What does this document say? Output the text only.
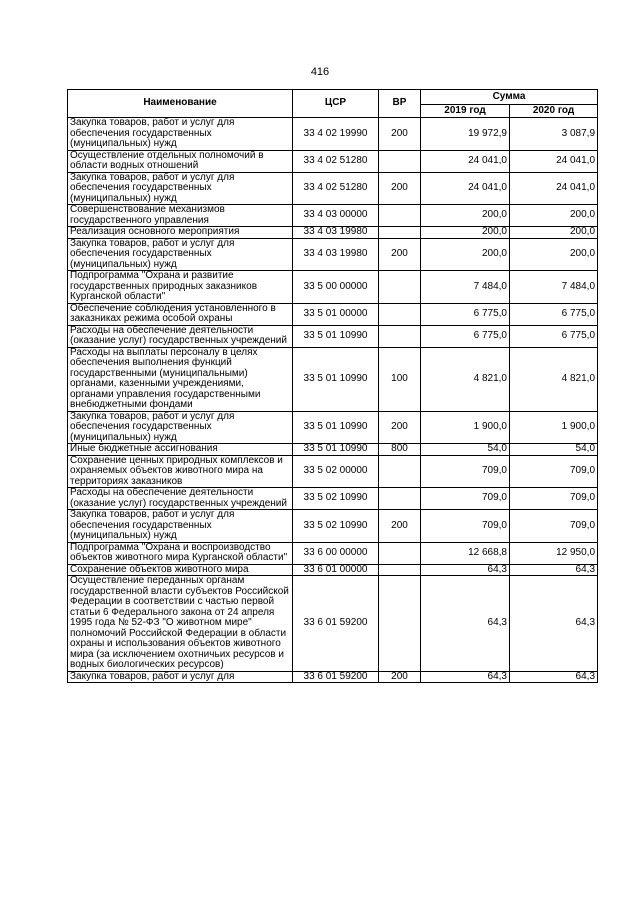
416
Наименование	ЦСР	ВР	Сумма	
			2019 год	2020 год
Закупка товаров, работ и услуг для обеспечения государственных (муниципальных) нужд	33 4 02 19990	200	19 972,9	3 087,9
Осуществление отдельных полномочий в области водных отношений	33 4 02 51280		24 041,0	24 041,0
Закупка товаров, работ и услуг для обеспечения государственных (муниципальных) нужд	33 4 02 51280	200	24 041,0	24 041,0
Совершенствование механизмов государственного управления	33 4 03 00000		200,0	200,0
Реализация основного мероприятия	33 4 03 19980		200,0	200,0
Закупка товаров, работ и услуг для обеспечения государственных (муниципальных) нужд	33 4 03 19980	200	200,0	200,0
Подпрограмма "Охрана и развитие государственных природных заказников Курганской области"	33 5 00 00000		7 484,0	7 484,0
Обеспечение соблюдения установленного в заказниках режима особой охраны	33 5 01 00000		6 775,0	6 775,0
Расходы на обеспечение деятельности (оказание услуг) государственных учреждений	33 5 01 10990		6 775,0	6 775,0
Расходы на выплаты персоналу в целях обеспечения выполнения функций государственными (муниципальными) органами, казенными учреждениями, органами управления государственными внебюджетными фондами	33 5 01 10990	100	4 821,0	4 821,0
Закупка товаров, работ и услуг для обеспечения государственных (муниципальных) нужд	33 5 01 10990	200	1 900,0	1 900,0
Иные бюджетные ассигнования	33 5 01 10990	800	54,0	54,0
Сохранение ценных природных комплексов и охраняемых объектов животного мира на территориях заказников	33 5 02 00000		709,0	709,0
Расходы на обеспечение деятельности (оказание услуг) государственных учреждений	33 5 02 10990		709,0	709,0
Закупка товаров, работ и услуг для обеспечения государственных (муниципальных) нужд	33 5 02 10990	200	709,0	709,0
Подпрограмма "Охрана и воспроизводство объектов животного мира Курганской области"	33 6 00 00000		12 668,8	12 950,0
Сохранение объектов животного мира	33 6 01 00000		64,3	64,3
Осуществление переданных органам государственной власти субъектов Российской Федерации в соответствии с частью первой статьи 6 Федерального закона от 24 апреля 1995 года № 52-ФЗ "О животном мире" полномочий Российской Федерации в области охраны и использования объектов животного мира (за исключением охотничьих ресурсов и водных биологических ресурсов)	33 6 01 59200		64,3	64,3
Закупка товаров, работ и услуг для	33 6 01 59200	200	64,3	64,3
